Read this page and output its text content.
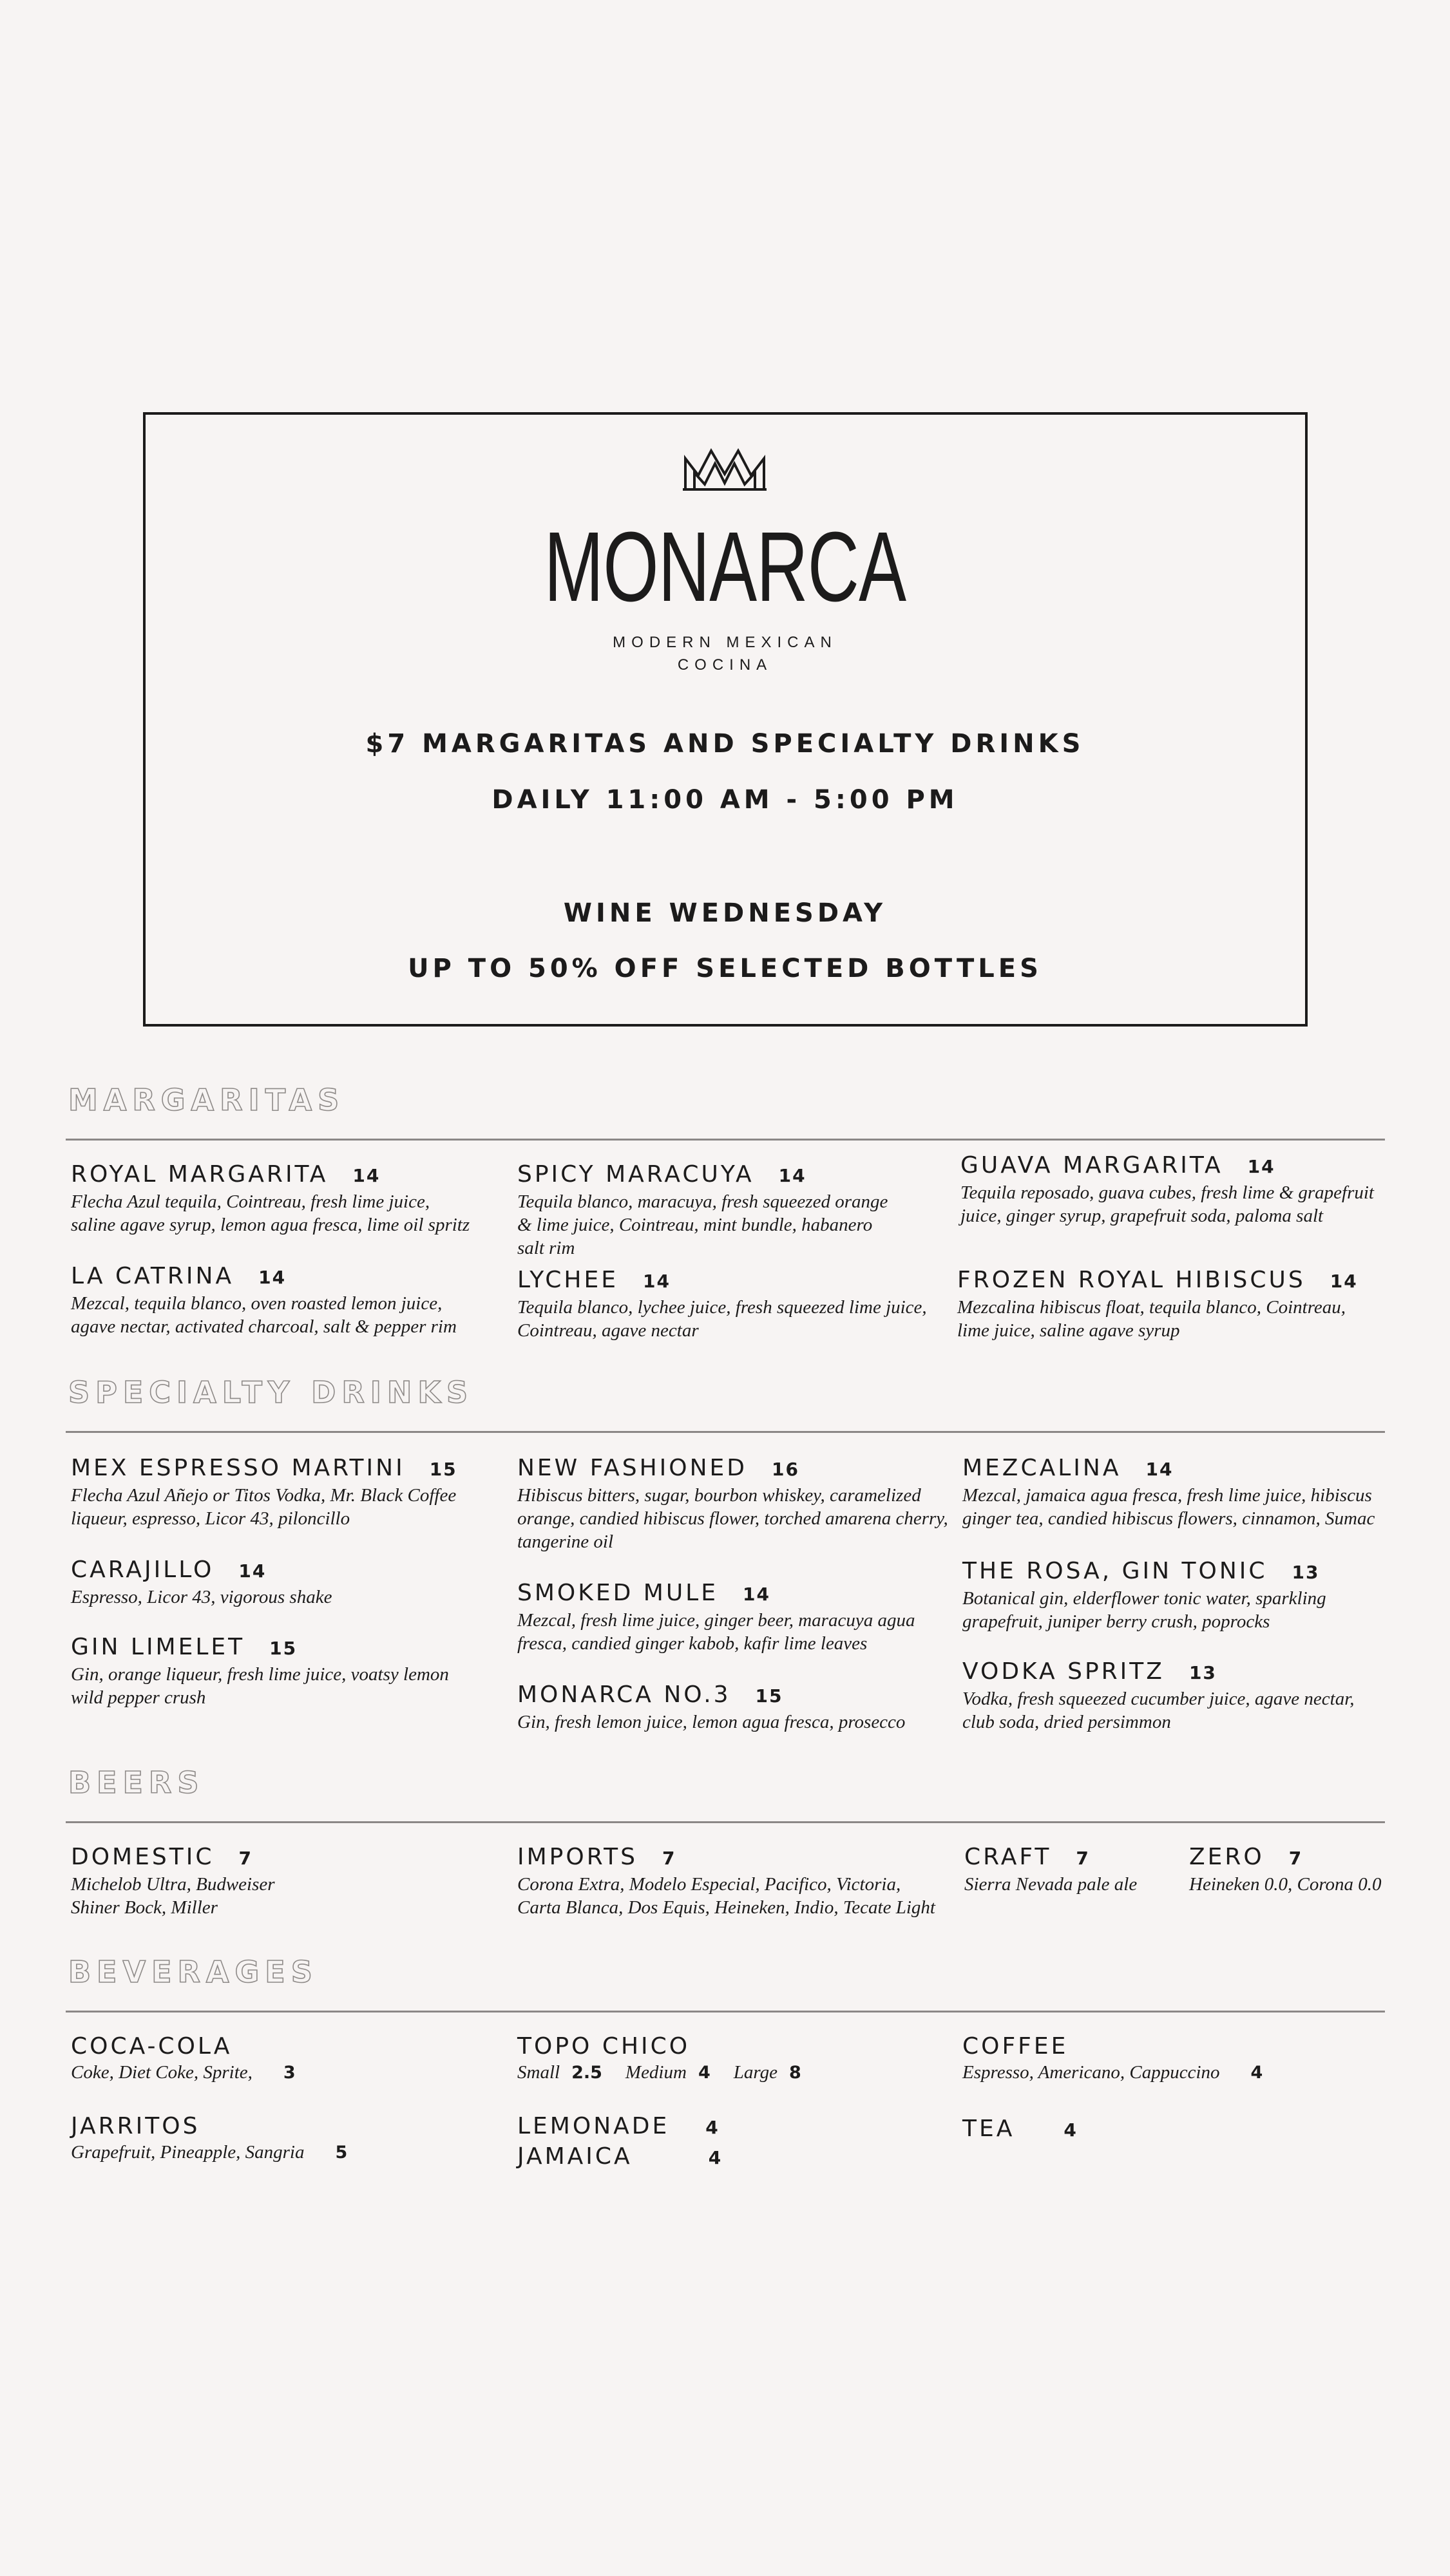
MONARCA
MODERN MEXICAN
COCINA
$7 MARGARITAS AND SPECIALTY DRINKS
DAILY 11:00 AM - 5:00 PM
WINE WEDNESDAY
UP TO 50% OFF SELECTED BOTTLES
MARGARITAS
ROYAL MARGARITA 14
Flecha Azul tequila, Cointreau, fresh lime juice,
saline agave syrup, lemon agua fresca, lime oil spritz
LA CATRINA 14
Mezcal, tequila blanco, oven roasted lemon juice,
agave nectar, activated charcoal, salt & pepper rim
SPICY MARACUYA 14
Tequila blanco, maracuya, fresh squeezed orange
& lime juice, Cointreau, mint bundle, habanero
salt rim
LYCHEE 14
Tequila blanco, lychee juice, fresh squeezed lime juice,
Cointreau, agave nectar
GUAVA MARGARITA 14
Tequila reposado, guava cubes, fresh lime & grapefruit
juice, ginger syrup, grapefruit soda, paloma salt
FROZEN ROYAL HIBISCUS 14
Mezcalina hibiscus float, tequila blanco, Cointreau,
lime juice, saline agave syrup
SPECIALTY DRINKS
MEX ESPRESSO MARTINI 15
Flecha Azul Añejo or Titos Vodka, Mr. Black Coffee
liqueur, espresso, Licor 43, piloncillo
CARAJILLO 14
Espresso, Licor 43, vigorous shake
GIN LIMELET 15
Gin, orange liqueur, fresh lime juice, voatsy lemon
wild pepper crush
NEW FASHIONED 16
Hibiscus bitters, sugar, bourbon whiskey, caramelized
orange, candied hibiscus flower, torched amarena cherry,
tangerine oil
SMOKED MULE 14
Mezcal, fresh lime juice, ginger beer, maracuya agua
fresca, candied ginger kabob, kafir lime leaves
MONARCA NO.3 15
Gin, fresh lemon juice, lemon agua fresca, prosecco
MEZCALINA 14
Mezcal, jamaica agua fresca, fresh lime juice, hibiscus
ginger tea, candied hibiscus flowers, cinnamon, Sumac
THE ROSA, GIN TONIC 13
Botanical gin, elderflower tonic water, sparkling
grapefruit, juniper berry crush, poprocks
VODKA SPRITZ 13
Vodka, fresh squeezed cucumber juice, agave nectar,
club soda, dried persimmon
BEERS
DOMESTIC 7
Michelob Ultra, Budweiser
Shiner Bock, Miller
IMPORTS 7
Corona Extra, Modelo Especial, Pacifico, Victoria,
Carta Blanca, Dos Equis, Heineken, Indio, Tecate Light
CRAFT 7
Sierra Nevada pale ale
ZERO 7
Heineken 0.0, Corona 0.0
BEVERAGES
COCA-COLA
Coke, Diet Coke, Sprite, 3
JARRITOS
Grapefruit, Pineapple, Sangria 5
TOPO CHICO
Small 2.5 Medium 4 Large 8
LEMONADE 4
JAMAICA	4
COFFEE
Espresso, Americano, Cappuccino 4
TEA	4
